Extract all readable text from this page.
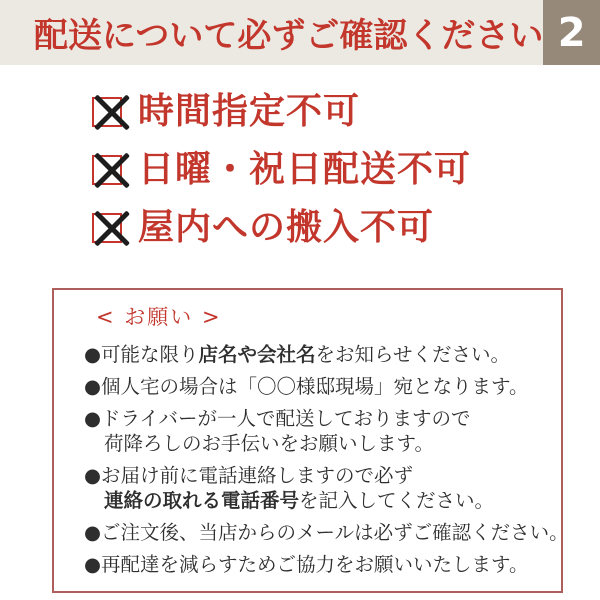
配送について必ずご確認ください 2
時間指定不可
日曜・祝日配送不可
屋内への搬入不可
< お願い >

●可能な限り店名や会社名をお知らせください。

●個人宅の場合は「〇〇様邸現場」宛となります。

●ドライバーが一人で配送しておりますので

荷降ろしのお手伝いをお願いします。

●お届け前に電話連絡しますので必ず

連絡の取れる電話番号を記入してください。

●ご注文後、当店からのメールは必ずご確認ください。

●再配達を減らすためご協力をお願いいたします。
